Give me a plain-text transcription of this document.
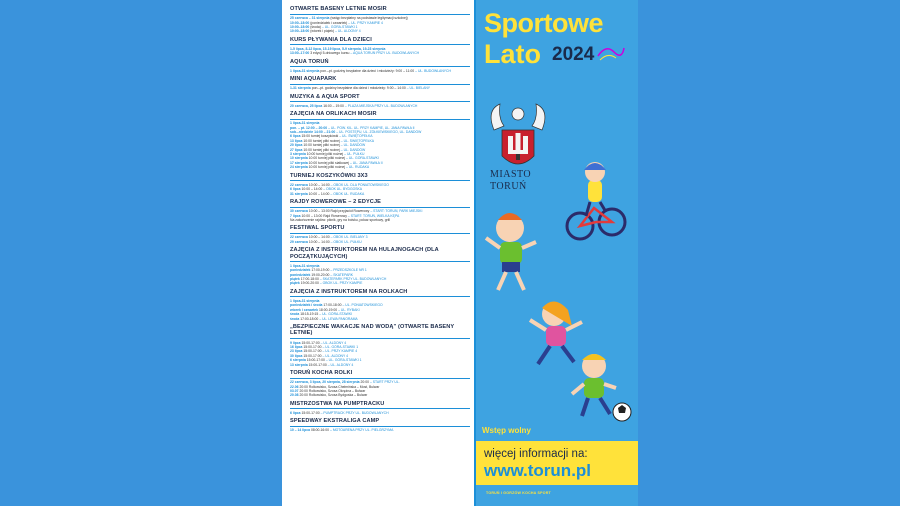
OTWARTE BASENY LETNIE MOSIR
25 czerwca – 31 sierpnia (wstęp bezpłatny na podstawie legitymacji szkolnej)
10:00–18:00 (poniedziałek i czwartek) – UL. PRZY KAMPIE 4
10:00–18:00 (środa) – UL. GÓRA-STAWKI 1
10:00–18:00 (wtorek i piątek) – UL. ALDONY 4
KURS PŁYWANIA DLA DZIECI
1-5 lipca, 8-12 lipca, 15-19 lipca, 5-9 sierpnia, 19-23 sierpnia
13:00–17:00 3 edycji 5-dniowego kursu – AQUA TORUŃ PRZY UL. BUDOWLANYCH
AQUA TORUŃ
1 lipca-31 sierpnia pon.–pt. godziny bezpłatne dla dzieci i młodzieży: 9:00 – 11:00 – UL. BUDOWLANYCH
MINI AQUAPARK
1-31 sierpnia pon.–pt. godziny bezpłatne dla dzieci i młodzieży: 9:00 – 14:00 – UL. BIELANY
MUZYKA & AQUA SPORT
20 czerwca, 25 lipca 16:00 – 19:00 – PLAŻA MIEJSKA PRZY UL. BUDOWLANYCH
ZAJĘCIA NA ORLIKACH MOSIR
1 lipca-31 sierpnia
pon. – pt. 12:00 – 20:00 – UL. POW. KIL. UL. PRZY KAMPIE, UL. JANA PAWŁA II
sob.–niedziele 14:00 – 21:00 – UL. POSTĘPU, UL. ŻÓŁKIEWSKIEGO, UL. DAŃDÓW
6 lipca 15:00 turniej koszykówki – UL. ŚWIĘTOPEŁKA
13 lipca 10:00 turniej piłki nożnej – UL. ŚWIĘTOPEŁKA
20 lipca 10:00 turniej piłki nożnej – UL. DAŃDÓW
27 lipca 10:00 turniej piłki nożnej – UL. DAŃDÓW
3 sierpnia 10:00 turniej piłki nożnej – UL. PUŁKU
10 sierpnia 10:00 turniej piłki nożnej – UL. GÓRA-STAWKI
17 sierpnia 10:00 turniej piłki siatkowej – UL. JANA PAWŁA II
24 sierpnia 10:00 turniej piłki nożnej – UL. RUDAKA
TURNIEJ KOSZYKÓWKI 3X3
22 czerwca 10:00 – 14:00 – OBOK UL. DLA PONIATOWSKIEGO
6 lipca 10:00 – 14:00 – OBOK UL. BYDGOSKA
31 sierpnia 10:00 – 14:00 – OBOK UL. RUDAKA
RAJDY ROWEROWE – 2 EDYCJE
30 czerwca 10:00 – 13:00 Rajd przyjaciół Rowerowy – START: TORUŃ, PARK MIEJSKI
7 lipca 10:00 – 13:00 Rajd Rowerowy – START: TORUŃ, WIELKA KĘPA
Na zakończenie rajdów: piknik, gry na boisku, pokaz sportowy, grill
FESTIWAL SPORTU
22 czerwca 10:00 – 14:00 – OBOK UL. BIELANY 3
29 czerwca 10:00 – 14:00 – OBOK UL. PUŁKU
ZAJĘCIA Z INSTRUKTOREM NA HULAJNOGACH (DLA POCZĄTKUJĄCYCH)
1 lipca-31 sierpnia
poniedziałek 17:00-19:00 – PRZEDSZKOLE NR 1
poniedziałek 19:00-20:00 – SKATEPARK
piątek 17:00-18:00 – SKATEPARK PRZY UL. BUDOWLANYCH
piątek 19:00-20:00 – OBOK UL. PRZY KAMPIE
ZAJĘCIA Z INSTRUKTOREM NA ROLKACH
1 lipca-31 sierpnia
poniedziałek i środa 17:00-18:00 – UL. PONIATOWSKIEGO
wtorek i czwartek 18:00-19:00 – UL. RYBAKI
środa 18:15-19:15 – UL. GÓRA-STAWKI
środa 17:00-18:00 – UL. LEWA PANORAMA
„BEZPIECZNE WAKACJE NAD WODĄ” (OTWARTE BASENY LETNIE)
9 lipca 15:00-17:00 – UL. ALDONY 4
16 lipca 15:00-17:00 – UL. GÓRA-STAWKI 1
23 lipca 15:00-17:00 – UL. PRZY KAMPIE 4
30 lipca 15:00-17:00 – UL. ALDONY 4
6 sierpnia 15:00-17:00 – UL. GÓRA-STAWKI 1
13 sierpnia 15:00-17:00 – UL. ALDONY 4
TORUŃ KOCHA ROLKI
22 czerwca, 3 lipca, 20 sierpnia, 28 sierpnia 20:00 – START PRZY UL.
22.06 20:00 Rolkowisko, Szosa Chełmińska – Most, Bulwar
03.07 20:00 Rolkowisko, Szosa Okrężna – Bulwar
20.08 20:00 Rolkowisko, Szosa Bydgoska – Bulwar
MISTRZOSTWA NA PUMPTRACKU
6 lipca 15:00-17:00 – PUMPTRACK PRZY UL. BUDOWLANYCH
SPEEDWAY EKSTRALIGA CAMP
10 – 14 lipca 08:00-16:00 – MOTOARENA PRZY UL. PIELGRZYMA
Sportowe
Lato 2024
MIASTO
TORUŃ
Wstęp wolny
więcej informacji na:
www.torun.pl
TORUŃ I GORZÓW KOCHA SPORT
